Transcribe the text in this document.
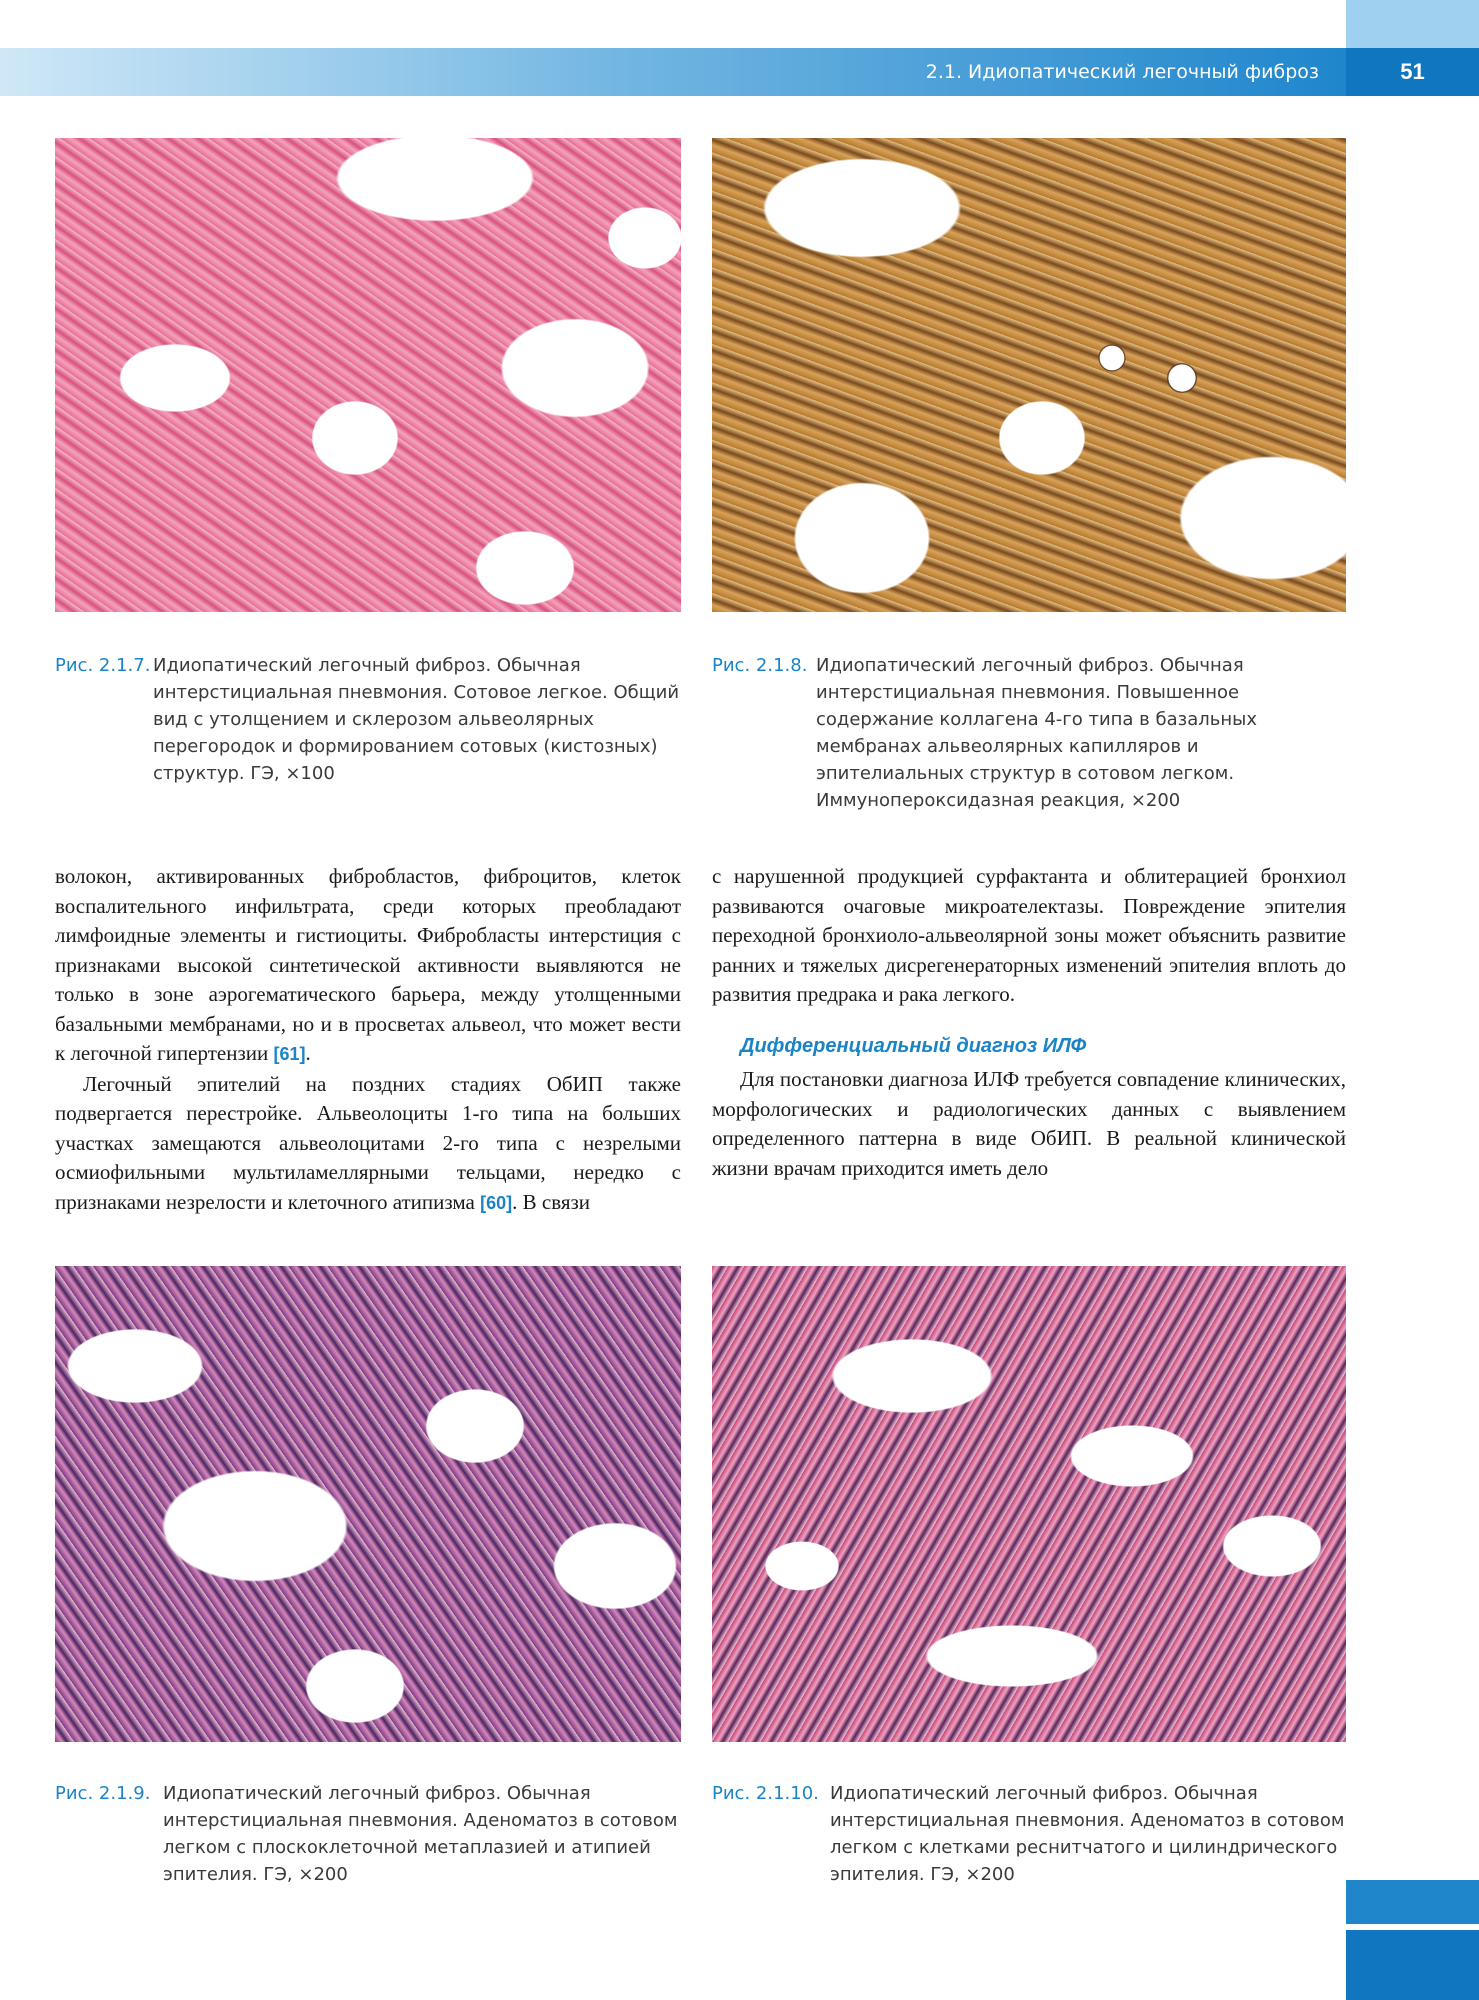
2.1. Идиопатический легочный фиброз	51
Рис. 2.1.7. Идиопатический легочный фиброз. Обычная интерстициальная пневмония. Сотовое легкое. Общий вид с утолщением и склерозом альвеолярных перегородок и формированием сотовых (кистозных) структур. ГЭ, ×100

Рис. 2.1.8. Идиопатический легочный фиброз. Обычная интерстициальная пневмония. Повышенное содержание коллагена 4-го типа в базальных мембранах альвеолярных капилляров и эпителиальных структур в сотовом легком. Иммунопероксидазная реакция, ×200

волокон, активированных фибробластов, фиброцитов, клеток воспалительного инфильтрата, среди которых преобладают лимфоидные элементы и гистиоциты. Фибробласты интерстиция с признаками высокой синтетической активности выявляются не только в зоне аэрогематического барьера, между утолщенными базальными мембранами, но и в просветах альвеол, что может вести к легочной гипертензии [61].

Легочный эпителий на поздних стадиях ОбИП также подвергается перестройке. Альвеолоциты 1-го типа на больших участках замещаются альвеолоцитами 2-го типа с незрелыми осмиофильными мультиламеллярными тельцами, нередко с признаками незрелости и клеточного атипизма [60]. В связи

с нарушенной продукцией сурфактанта и облитерацией бронхиол развиваются очаговые микроателектазы. Повреждение эпителия переходной бронхиоло-альвеолярной зоны может объяснить развитие ранних и тяжелых дисрегенераторных изменений эпителия вплоть до развития предрака и рака легкого.

Дифференциальный диагноз ИЛФ

Для постановки диагноза ИЛФ требуется совпадение клинических, морфологических и радиологических данных с выявлением определенного паттерна в виде ОбИП. В реальной клинической жизни врачам приходится иметь дело

Рис. 2.1.9. Идиопатический легочный фиброз. Обычная интерстициальная пневмония. Аденоматоз в сотовом легком с плоскоклеточной метаплазией и атипией эпителия. ГЭ, ×200

Рис. 2.1.10. Идиопатический легочный фиброз. Обычная интерстициальная пневмония. Аденоматоз в сотовом легком с клетками реснитчатого и цилиндрического эпителия. ГЭ, ×200
